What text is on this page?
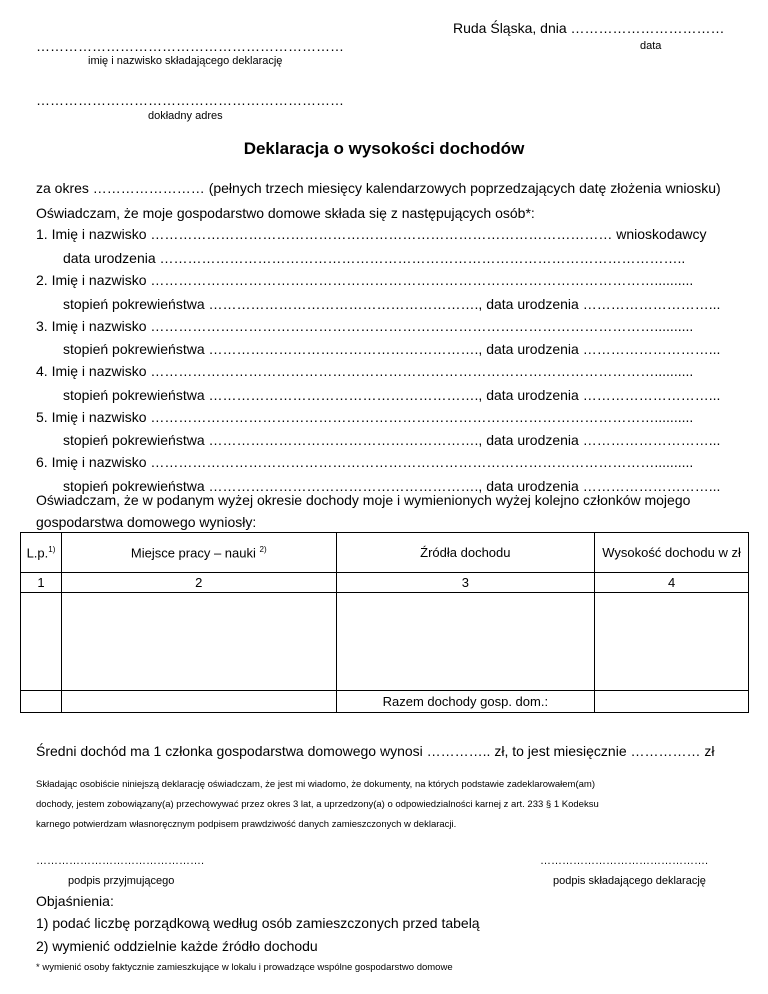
Ruda Śląska, dnia ……………………………
data
…………………………………………………………
imię i nazwisko składającego deklarację
…………………………………………………………
dokładny adres
Deklaracja o wysokości dochodów
za okres …………………… (pełnych trzech miesięcy kalendarzowych poprzedzających datę złożenia wniosku)
Oświadczam, że moje gospodarstwo domowe składa się z następujących osób*:
1. Imię i nazwisko ……………………………………………………………………………………… wnioskodawcy
data urodzenia …………………………………………………………………………………………………..
2. Imię i nazwisko ………………………………………………………………………………………………..........
stopień pokrewieństwa …………………………………………………., data urodzenia ………………………...
3. Imię i nazwisko ………………………………………………………………………………………………..........
stopień pokrewieństwa …………………………………………………., data urodzenia ………………………...
4. Imię i nazwisko ………………………………………………………………………………………………..........
stopień pokrewieństwa …………………………………………………., data urodzenia ………………………...
5. Imię i nazwisko ………………………………………………………………………………………………..........
stopień pokrewieństwa …………………………………………………., data urodzenia ………………………...
6. Imię i nazwisko ………………………………………………………………………………………………..........
stopień pokrewieństwa …………………………………………………., data urodzenia ………………………...
Oświadczam, że w podanym wyżej okresie dochody moje i wymienionych wyżej kolejno członków mojego
gospodarstwa domowego wyniosły:
L.p.$^{1)}$	Miejsce pracy – nauki $^{2)}$	Źródła dochodu	Wysokość dochodu w zł
1	2	3	4

		Razem dochody gosp. dom.:	
Średni dochód ma 1 członka gospodarstwa domowego wynosi ………….. zł, to jest miesięcznie …………… zł
Składając osobiście niniejszą deklarację oświadczam, że jest mi wiadomo, że dokumenty, na których podstawie zadeklarowałem(am)
dochody, jestem zobowiązany(a) przechowywać przez okres 3 lat, a uprzedzony(a) o odpowiedzialności karnej z art. 233 § 1 Kodeksu
karnego potwierdzam własnoręcznym podpisem prawdziwość danych zamieszczonych w deklaracji.
……………………………………….
podpis przyjmującego
……………………………………….
podpis składającego deklarację
Objaśnienia:
1) podać liczbę porządkową według osób zamieszczonych przed tabelą
2) wymienić oddzielnie każde źródło dochodu
* wymienić osoby faktycznie zamieszkujące w lokalu i prowadzące wspólne gospodarstwo domowe
